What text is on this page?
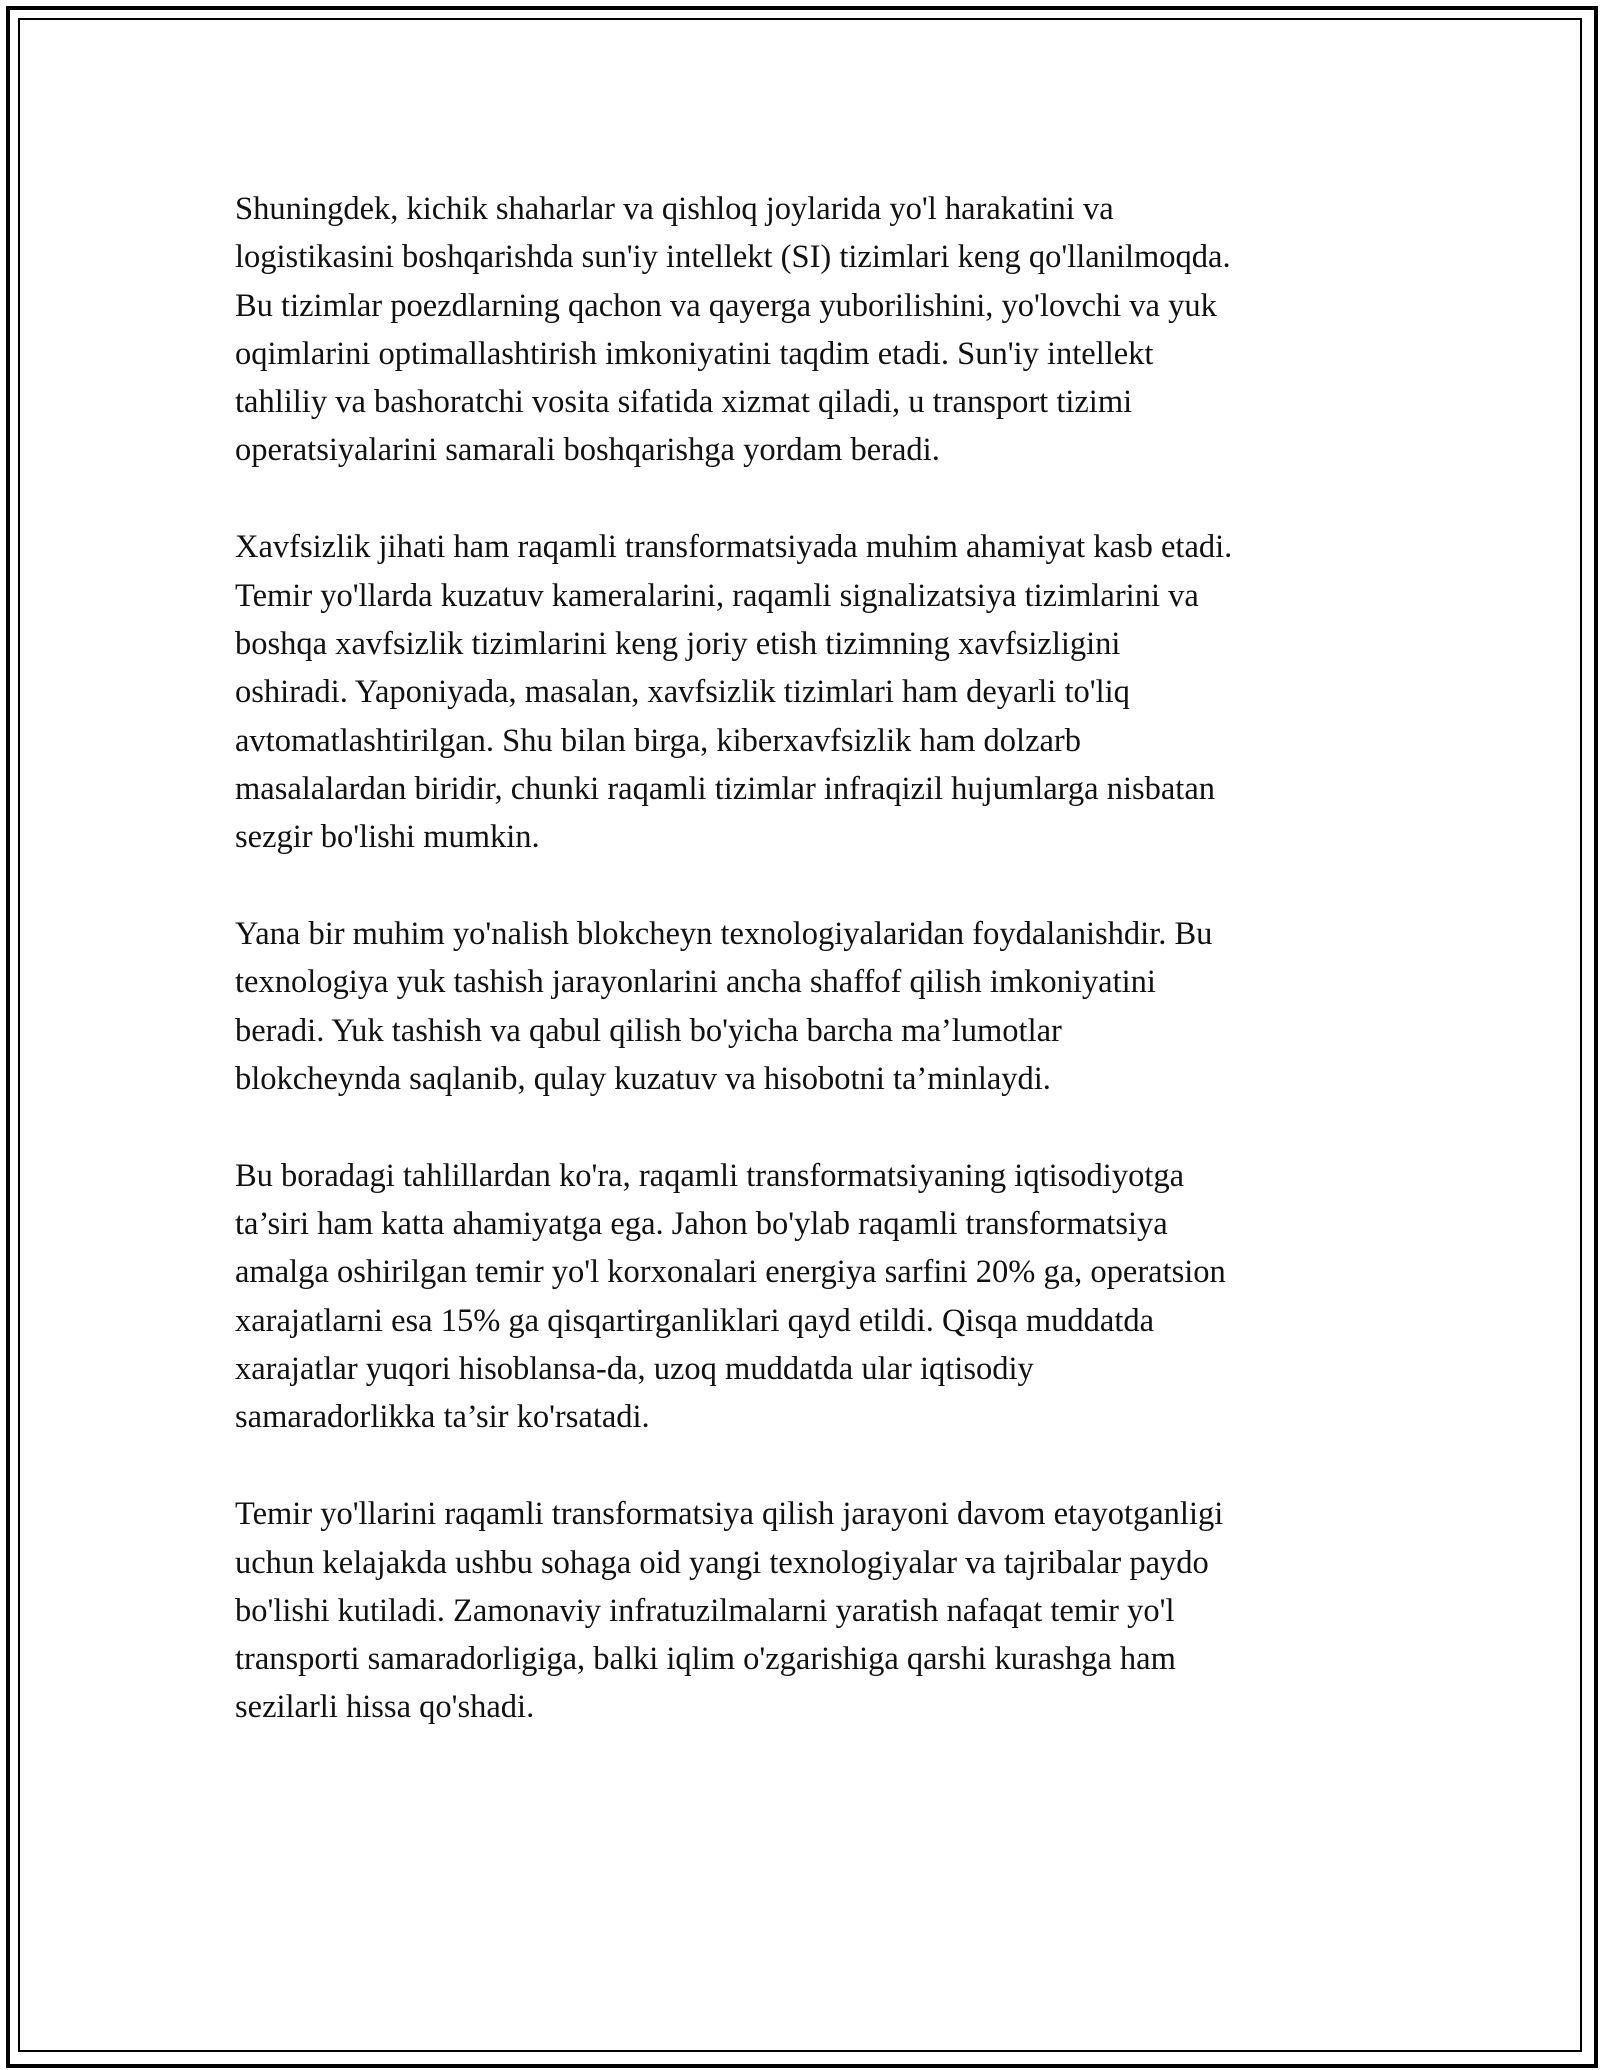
Shuningdek, kichik shaharlar va qishloq joylarida yo'l harakatini va
logistikasini boshqarishda sun'iy intellekt (SI) tizimlari keng qo'llanilmoqda.
Bu tizimlar poezdlarning qachon va qayerga yuborilishini, yo'lovchi va yuk
oqimlarini optimallashtirish imkoniyatini taqdim etadi. Sun'iy intellekt
tahliliy va bashoratchi vosita sifatida xizmat qiladi, u transport tizimi
operatsiyalarini samarali boshqarishga yordam beradi.

Xavfsizlik jihati ham raqamli transformatsiyada muhim ahamiyat kasb etadi.
Temir yo'llarda kuzatuv kameralarini, raqamli signalizatsiya tizimlarini va
boshqa xavfsizlik tizimlarini keng joriy etish tizimning xavfsizligini
oshiradi. Yaponiyada, masalan, xavfsizlik tizimlari ham deyarli to'liq
avtomatlashtirilgan. Shu bilan birga, kiberxavfsizlik ham dolzarb
masalalardan biridir, chunki raqamli tizimlar infraqizil hujumlarga nisbatan
sezgir bo'lishi mumkin.

Yana bir muhim yo'nalish blokcheyn texnologiyalaridan foydalanishdir. Bu
texnologiya yuk tashish jarayonlarini ancha shaffof qilish imkoniyatini
beradi. Yuk tashish va qabul qilish bo'yicha barcha ma’lumotlar
blokcheynda saqlanib, qulay kuzatuv va hisobotni ta’minlaydi.

Bu boradagi tahlillardan ko'ra, raqamli transformatsiyaning iqtisodiyotga
ta’siri ham katta ahamiyatga ega. Jahon bo'ylab raqamli transformatsiya
amalga oshirilgan temir yo'l korxonalari energiya sarfini 20% ga, operatsion
xarajatlarni esa 15% ga qisqartirganliklari qayd etildi. Qisqa muddatda
xarajatlar yuqori hisoblansa-da, uzoq muddatda ular iqtisodiy
samaradorlikka ta’sir ko'rsatadi.

Temir yo'llarini raqamli transformatsiya qilish jarayoni davom etayotganligi
uchun kelajakda ushbu sohaga oid yangi texnologiyalar va tajribalar paydo
bo'lishi kutiladi. Zamonaviy infratuzilmalarni yaratish nafaqat temir yo'l
transporti samaradorligiga, balki iqlim o'zgarishiga qarshi kurashga ham
sezilarli hissa qo'shadi.
